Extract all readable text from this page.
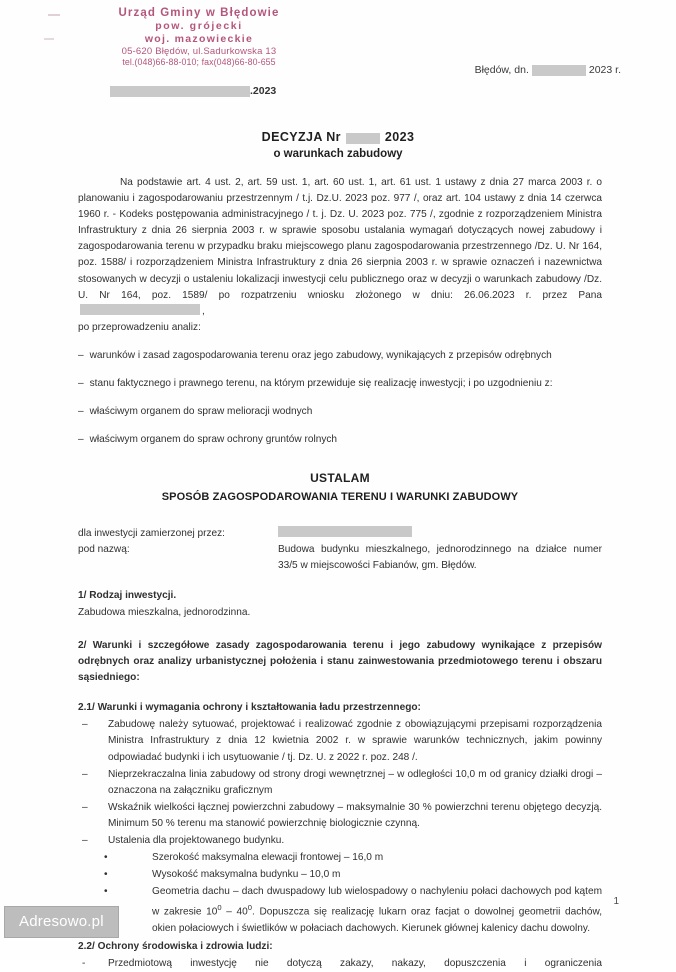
Urząd Gminy w Błędowie
pow. grójecki
woj. mazowieckie
05-620 Błędów, ul.Sadurkowska 13
tel.(048)66-88-010; fax(048)66-80-655
.2023
Błędów, dn.	2023 r.
DECYZJA Nr	2023
o warunkach zabudowy
Na podstawie art. 4 ust. 2, art. 59 ust. 1, art. 60 ust. 1, art. 61 ust. 1 ustawy z dnia 27 marca 2003 r. o planowaniu i zagospodarowaniu przestrzennym / t.j. Dz.U. 2023 poz. 977 /, oraz art. 104 ustawy z dnia 14 czerwca 1960 r. - Kodeks postępowania administracyjnego / t. j. Dz. U. 2023 poz. 775 /, zgodnie z rozporządzeniem Ministra Infrastruktury z dnia 26 sierpnia 2003 r. w sprawie sposobu ustalania wymagań dotyczących nowej zabudowy i zagospodarowania terenu w przypadku braku miejscowego planu zagospodarowania przestrzennego /Dz. U. Nr 164, poz. 1588/ i rozporządzeniem Ministra Infrastruktury z dnia 26 sierpnia 2003 r. w sprawie oznaczeń i nazewnictwa stosowanych w decyzji o ustaleniu lokalizacji inwestycji celu publicznego oraz w decyzji o warunkach zabudowy /Dz. U. Nr 164, poz. 1589/ po rozpatrzeniu wniosku złożonego w dniu: 26.06.2023 r. przez Pana,
po przeprowadzeniu analiz:
– warunków i zasad zagospodarowania terenu oraz jego zabudowy, wynikających z przepisów odrębnych
– stanu faktycznego i prawnego terenu, na którym przewiduje się realizację inwestycji; i po uzgodnieniu z:
– właściwym organem do spraw melioracji wodnych
– właściwym organem do spraw ochrony gruntów rolnych
USTALAM
SPOSÓB ZAGOSPODAROWANIA TERENU I WARUNKI ZABUDOWY
dla inwestycji zamierzonej przez:
pod nazwą:	Budowa budynku mieszkalnego, jednorodzinnego na działce numer 33/5 w miejscowości Fabianów, gm. Błędów.
1/ Rodzaj inwestycji.
Zabudowa mieszkalna, jednorodzinna.
2/ Warunki i szczegółowe zasady zagospodarowania terenu i jego zabudowy wynikające z przepisów odrębnych oraz analizy urbanistycznej położenia i stanu zainwestowania przedmiotowego terenu i obszaru sąsiedniego:
2.1/ Warunki i wymagania ochrony i kształtowania ładu przestrzennego:
–	Zabudowę należy sytuować, projektować i realizować zgodnie z obowiązującymi przepisami rozporządzenia Ministra Infrastruktury z dnia 12 kwietnia 2002 r. w sprawie warunków technicznych, jakim powinny odpowiadać budynki i ich usytuowanie / tj. Dz. U. z 2022 r. poz. 248 /.
–	Nieprzekraczalna linia zabudowy od strony drogi wewnętrznej – w odległości 10,0 m od granicy działki drogi – oznaczona na załączniku graficznym
–	Wskaźnik wielkości łącznej powierzchni zabudowy – maksymalnie 30 % powierzchni terenu objętego decyzją. Minimum 50 % terenu ma stanowić powierzchnię biologicznie czynną.
–	Ustalenia dla projektowanego budynku.
•	Szerokość maksymalna elewacji frontowej – 16,0 m
•	Wysokość maksymalna budynku – 10,0 m
•	Geometria dachu – dach dwuspadowy lub wielospadowy o nachyleniu połaci dachowych pod kątem w zakresie $10^0 - 40^0$. Dopuszcza się realizację lukarn oraz facjat o dowolnej geometrii dachów, okien połaciowych i świetlików w połaciach dachowych. Kierunek głównej kalenicy dachu dowolny.
2.2/ Ochrony środowiska i zdrowia ludzi:
-	Przedmiotową inwestycję nie dotyczą zakazy, nakazy, dopuszczenia i ograniczenia
Adresowo.pl
1
